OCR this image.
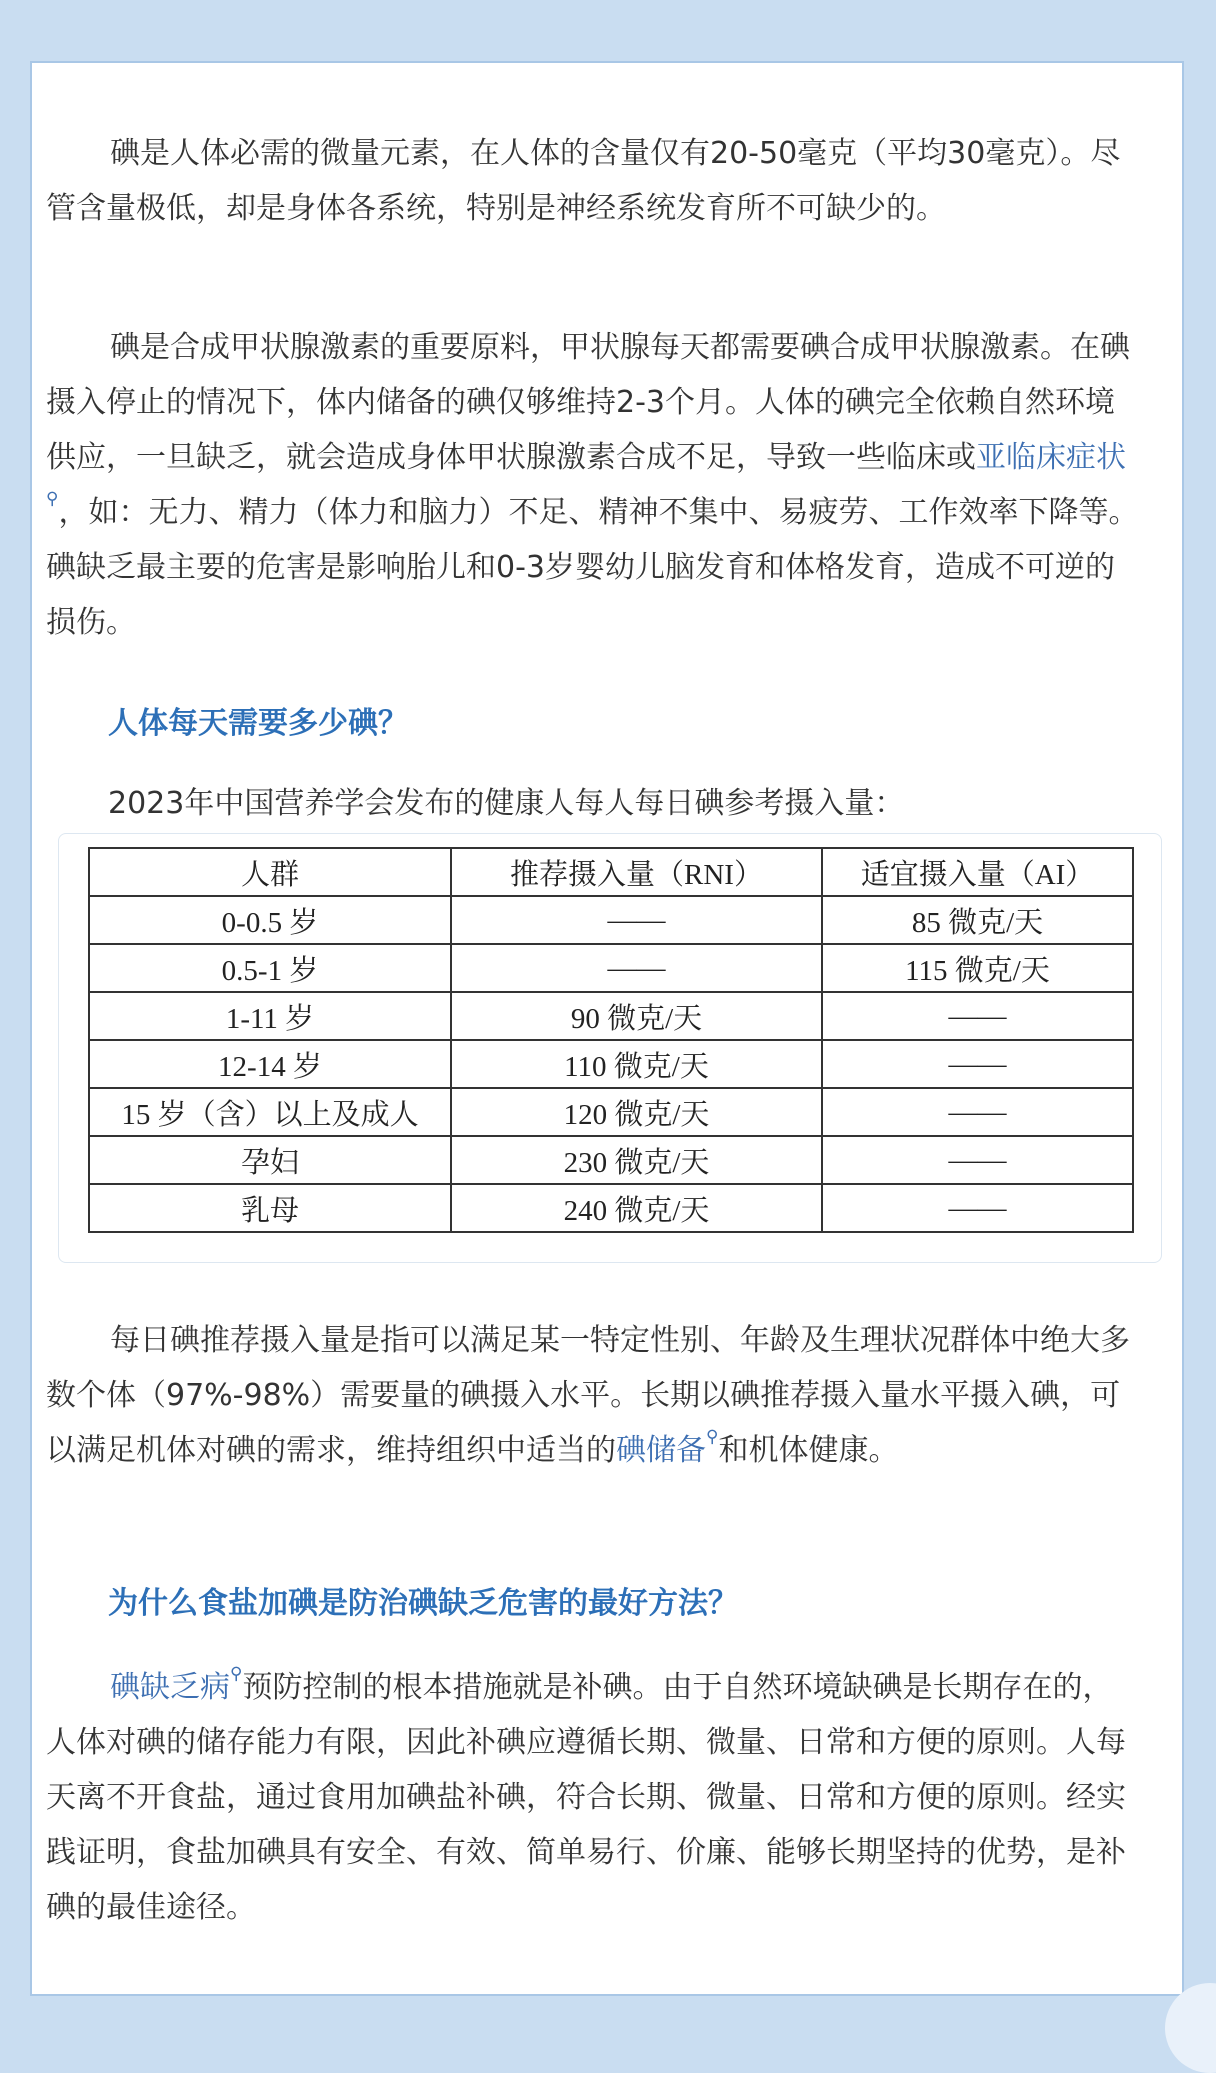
碘是人体必需的微量元素，在人体的含量仅有20-50毫克（平均30毫克）。尽管含量极低，却是身体各系统，特别是神经系统发育所不可缺少的。

碘是合成甲状腺激素的重要原料，甲状腺每天都需要碘合成甲状腺激素。在碘摄入停止的情况下，体内储备的碘仅够维持2-3个月。人体的碘完全依赖自然环境供应，一旦缺乏，就会造成身体甲状腺激素合成不足，导致一些临床或亚临床症状⚲，如：无力、精力（体力和脑力）不足、精神不集中、易疲劳、工作效率下降等。碘缺乏最主要的危害是影响胎儿和0-3岁婴幼儿脑发育和体格发育，造成不可逆的损伤。

人体每天需要多少碘？

2023年中国营养学会发布的健康人每人每日碘参考摄入量：

人群	推荐摄入量（RNI）	适宜摄入量（AI）
0-0.5 岁	——	85 微克/天
0.5-1 岁	——	115 微克/天
1-11 岁	90 微克/天	——
12-14 岁	110 微克/天	——
15 岁（含）以上及成人	120 微克/天	——
孕妇	230 微克/天	——
乳母	240 微克/天	——

每日碘推荐摄入量是指可以满足某一特定性别、年龄及生理状况群体中绝大多数个体（97%-98%）需要量的碘摄入水平。长期以碘推荐摄入量水平摄入碘，可以满足机体对碘的需求，维持组织中适当的碘储备⚲和机体健康。

为什么食盐加碘是防治碘缺乏危害的最好方法？

碘缺乏病⚲预防控制的根本措施就是补碘。由于自然环境缺碘是长期存在的，人体对碘的储存能力有限，因此补碘应遵循长期、微量、日常和方便的原则。人每天离不开食盐，通过食用加碘盐补碘，符合长期、微量、日常和方便的原则。经实践证明，食盐加碘具有安全、有效、简单易行、价廉、能够长期坚持的优势，是补碘的最佳途径。
